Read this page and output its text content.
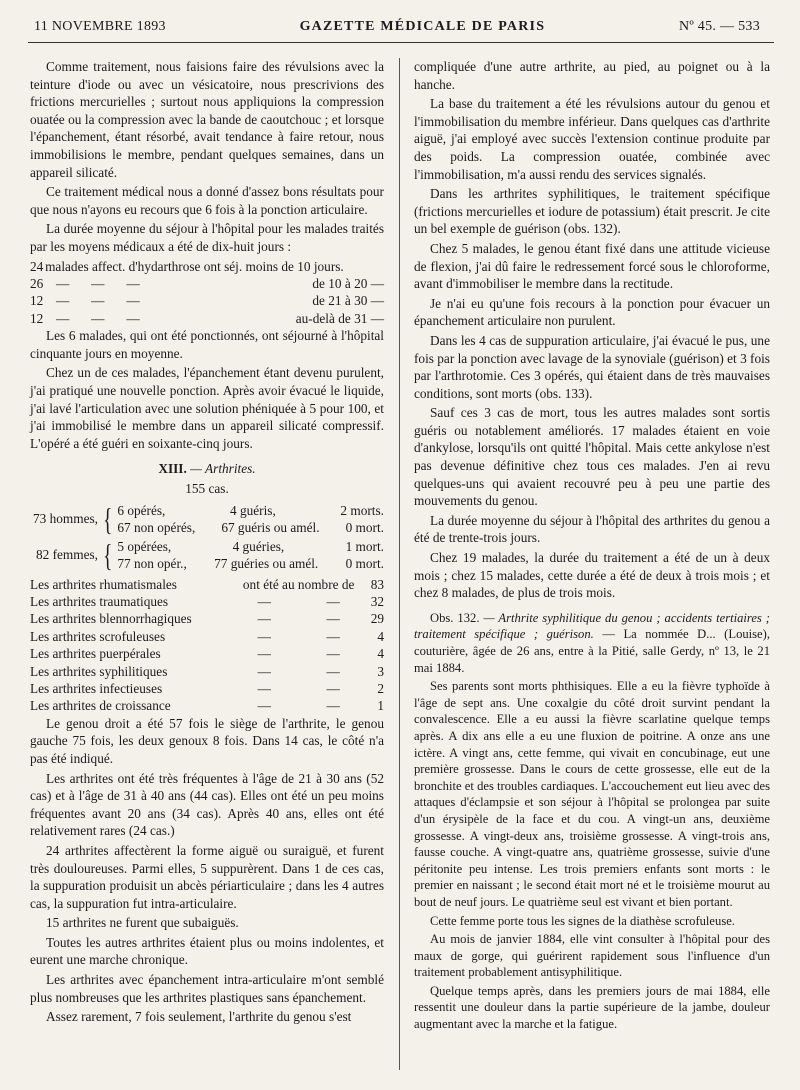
11 NOVEMBRE 1893	GAZETTE MÉDICALE DE PARIS	Nº 45. — 533

Comme traitement, nous faisions faire des révulsions avec la teinture d'iode ou avec un vésicatoire, nous prescrivions des frictions mercurielles ; surtout nous appliquions la compression ouatée ou la compression avec la bande de caoutchouc ; et lorsque l'épanchement, étant résorbé, avait tendance à faire retour, nous immobilisions le membre, pendant quelques semaines, dans un appareil silicaté.

Ce traitement médical nous a donné d'assez bons résultats pour que nous n'ayons eu recours que 6 fois à la ponction articulaire.

La durée moyenne du séjour à l'hôpital pour les malades traités par les moyens médicaux a été de dix-huit jours :

24	malades affect. d'hydarthrose ont séj. moins de 10 jours.			
26	—	—	—	de 10 à 20 —
12	—	—	—	de 21 à 30 —
12	—	—	—	au-delà de 31 —

Les 6 malades, qui ont été ponctionnés, ont séjourné à l'hôpital cinquante jours en moyenne.

Chez un de ces malades, l'épanchement étant devenu purulent, j'ai pratiqué une nouvelle ponction. Après avoir évacué le liquide, j'ai lavé l'articulation avec une solution phéniquée à 5 pour 100, et j'ai immobilisé le membre dans un appareil silicaté compressif. L'opéré a été guéri en soixante-cinq jours.

XIII. — Arthrites.
155 cas.
73 hommes, { 6 opérés,	4 guéris,	2 morts.
67 non opérés, 67 guéris ou amél. 0 mort.
82 femmes, { 5 opérées,	4 guéries,	1 mort.
77 non opér., 77 guéries ou amél. 0 mort.
Les arthrites rhumatismales	ont été au nombre de		83
Les arthrites traumatiques	—	—	32
Les arthrites blennorrhagiques	—	—	29
Les arthrites scrofuleuses	—	—	4
Les arthrites puerpérales	—	—	4
Les arthrites syphilitiques	—	—	3
Les arthrites infectieuses	—	—	2
Les arthrites de croissance	—	—	1

Le genou droit a été 57 fois le siège de l'arthrite, le genou gauche 75 fois, les deux genoux 8 fois. Dans 14 cas, le côté n'a pas été indiqué.

Les arthrites ont été très fréquentes à l'âge de 21 à 30 ans (52 cas) et à l'âge de 31 à 40 ans (44 cas). Elles ont été un peu moins fréquentes avant 20 ans (34 cas). Après 40 ans, elles ont été relativement rares (24 cas.)

24 arthrites affectèrent la forme aiguë ou suraiguë, et furent très douloureuses. Parmi elles, 5 suppurèrent. Dans 1 de ces cas, la suppuration produisit un abcès périarticulaire ; dans les 4 autres cas, la suppuration fut intra-articulaire.

15 arthrites ne furent que subaiguës.

Toutes les autres arthrites étaient plus ou moins indolentes, et eurent une marche chronique.

Les arthrites avec épanchement intra-articulaire m'ont semblé plus nombreuses que les arthrites plastiques sans épanchement.

Assez rarement, 7 fois seulement, l'arthrite du genou s'est

compliquée d'une autre arthrite, au pied, au poignet ou à la hanche.

La base du traitement a été les révulsions autour du genou et l'immobilisation du membre inférieur. Dans quelques cas d'arthrite aiguë, j'ai employé avec succès l'extension continue produite par des poids. La compression ouatée, combinée avec l'immobilisation, m'a aussi rendu des services signalés.

Dans les arthrites syphilitiques, le traitement spécifique (frictions mercurielles et iodure de potassium) était prescrit. Je cite un bel exemple de guérison (obs. 132).

Chez 5 malades, le genou étant fixé dans une attitude vicieuse de flexion, j'ai dû faire le redressement forcé sous le chloroforme, avant d'immobiliser le membre dans la rectitude.

Je n'ai eu qu'une fois recours à la ponction pour évacuer un épanchement articulaire non purulent.

Dans les 4 cas de suppuration articulaire, j'ai évacué le pus, une fois par la ponction avec lavage de la synoviale (guérison) et 3 fois par l'arthrotomie. Ces 3 opérés, qui étaient dans de très mauvaises conditions, sont morts (obs. 133).

Sauf ces 3 cas de mort, tous les autres malades sont sortis guéris ou notablement améliorés. 17 malades étaient en voie d'ankylose, lorsqu'ils ont quitté l'hôpital. Mais cette ankylose n'est pas devenue définitive chez tous ces malades. J'en ai revu quelques-uns qui avaient recouvré peu à peu une partie des mouvements du genou.

La durée moyenne du séjour à l'hôpital des arthrites du genou a été de trente-trois jours.

Chez 19 malades, la durée du traitement a été de un à deux mois ; chez 15 malades, cette durée a été de deux à trois mois ; et chez 8 malades, de plus de trois mois.

Obs. 132. — Arthrite syphilitique du genou ; accidents tertiaires ; traitement spécifique ; guérison. — La nommée D... (Louise), couturière, âgée de 26 ans, entre à la Pitié, salle Gerdy, nº 13, le 21 mai 1884.

Ses parents sont morts phthisiques. Elle a eu la fièvre typhoïde à l'âge de sept ans. Une coxalgie du côté droit survint pendant la convalescence. Elle a eu aussi la fièvre scarlatine quelque temps après. A dix ans elle a eu une fluxion de poitrine. A onze ans une ictère. A vingt ans, cette femme, qui vivait en concubinage, eut une première grossesse. Dans le cours de cette grossesse, elle eut de la bronchite et des troubles cardiaques. L'accouchement eut lieu avec des attaques d'éclampsie et son séjour à l'hôpital se prolongea par suite d'un érysipèle de la face et du cou. A vingt-un ans, deuxième grossesse. A vingt-deux ans, troisième grossesse. A vingt-trois ans, fausse couche. A vingt-quatre ans, quatrième grossesse, suivie d'une péritonite peu intense. Les trois premiers enfants sont morts : le premier en naissant ; le second était mort né et le troisième mourut au bout de neuf jours. Le quatrième seul est vivant et bien portant.

Cette femme porte tous les signes de la diathèse scrofuleuse.

Au mois de janvier 1884, elle vint consulter à l'hôpital pour des maux de gorge, qui guérirent rapidement sous l'influence d'un traitement probablement antisyphilitique.

Quelque temps après, dans les premiers jours de mai 1884, elle ressentit une douleur dans la partie supérieure de la jambe, douleur augmentant avec la marche et la fatigue.
